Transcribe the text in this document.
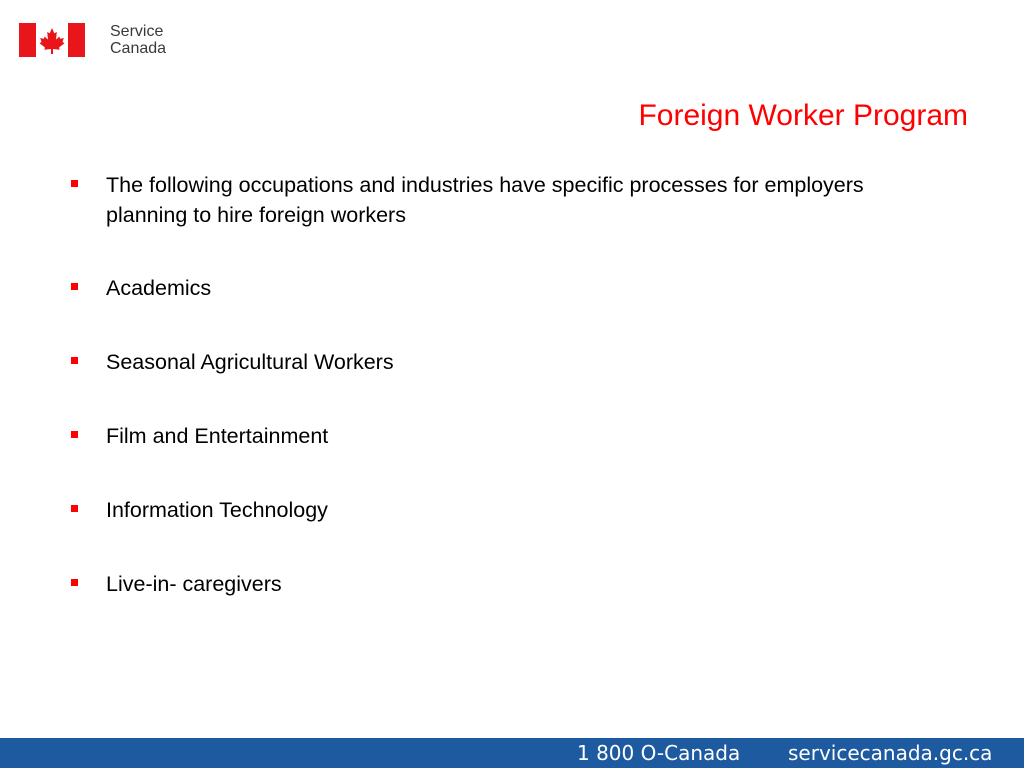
Service
Canada
Foreign Worker Program
The following occupations and industries have specific processes for employers planning to hire foreign workers
Academics
Seasonal Agricultural Workers
Film and Entertainment
Information Technology
Live-in- caregivers
1 800 O-Canada servicecanada.gc.ca
